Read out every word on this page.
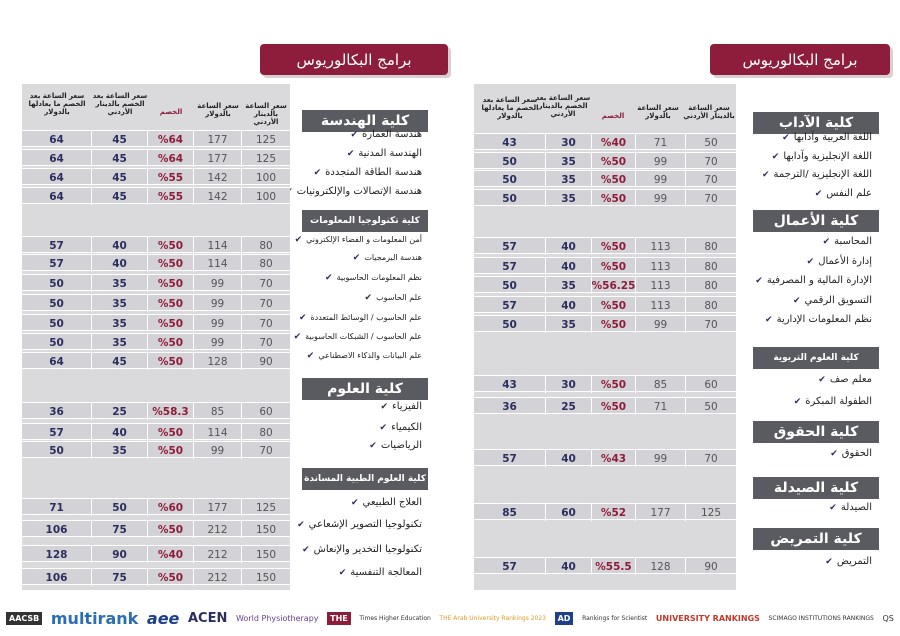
برامج البكالوريوس	برامج البكالوريوس
سعر الساعة بعد الخصم ما يعادلها بالدولار
سعر الساعة بعد الخصم بالدينار الأردني	الخصم
سعر الساعة بالدولار
سعر الساعة بالدينار الأردني
سعر الساعة بعد الخصم ما يعادلها بالدولار
سعر الساعة بعد الخصم بالدينار الأردني	الخصم
سعر الساعة بالدولار
سعر الساعة بالدينار الأردني
كلية الهندسة
هندسة العمارة ✔
64	45	%64	177	125
الهندسة المدنية ✔
64	45	%64	177	125
هندسة الطاقة المتجددة ✔
64	45	%55	142	100
هندسة الإتصالات والإلكترونيات ✔
64	45	%55	142	100
كلية تكنولوجيا المعلومات
أمن المعلومات و الفضاء الإلكتروني ✔
57	40	%50	114	80
هندسة البرمجيات ✔
57	40	%50	114	80
نظم المعلومات الحاسوبية ✔
50	35	%50	99	70
علم الحاسوب ✔
50	35	%50	99	70
علم الحاسوب / الوسائط المتعددة ✔
50	35	%50	99	70
علم الحاسوب / الشبكات الحاسوبية ✔
50	35	%50	99	70
علم البيانات والذكاء الاصطناعي ✔
64	45	%50	128	90
كلية العلوم
الفيزياء ✔
36	25	%58.3	85	60
الكيمياء ✔
57	40	%50	114	80
الرياضيات ✔
50	35	%50	99	70
كلية العلوم الطبية المساندة
العلاج الطبيعي ✔
71	50	%60	177	125
تكنولوجيا التصوير الإشعاعي ✔
106	75	%50	212	150
تكنولوجيا التخدير والإنعاش ✔
128	90	%40	212	150
المعالجة التنفسية ✔
106	75	%50	212	150
كلية الآداب
اللغة العربية وآدابها ✔
43	30	%40	71	50
اللغة الإنجليزية وآدابها ✔
50	35	%50	99	70
اللغة الإنجليزية /الترجمة ✔
50	35	%50	99	70
علم النفس ✔
50	35	%50	99	70
كلية الأعمال
المحاسبة ✔
57	40	%50	113	80
إدارة الأعمال ✔
57	40	%50	113	80
الإدارة المالية و المصرفية ✔
50	35	%56.25	113	80
التسويق الرقمي ✔
57	40	%50	113	80
نظم المعلومات الإدارية ✔
50	35	%50	99	70
كلية العلوم التربوية
معلم صف ✔
43	30	%50	85	60
الطفولة المبكرة ✔
36	25	%50	71	50
كلية الحقوق
الحقوق ✔
57	40	%43	99	70
كلية الصيدلة
الصيدلة ✔
85	60	%52	177	125
كلية التمريض
التمريض ✔
57	40	%55.5	128	90
AACSB multirank aee ACEN World Physiotherapy	THE	Times Higher Education THE Arab University Rankings 2023	AD	Rankings for Scientist UNIVERSITY RANKINGS SCIMAGO INSTITUTIONS RANKINGS QS
